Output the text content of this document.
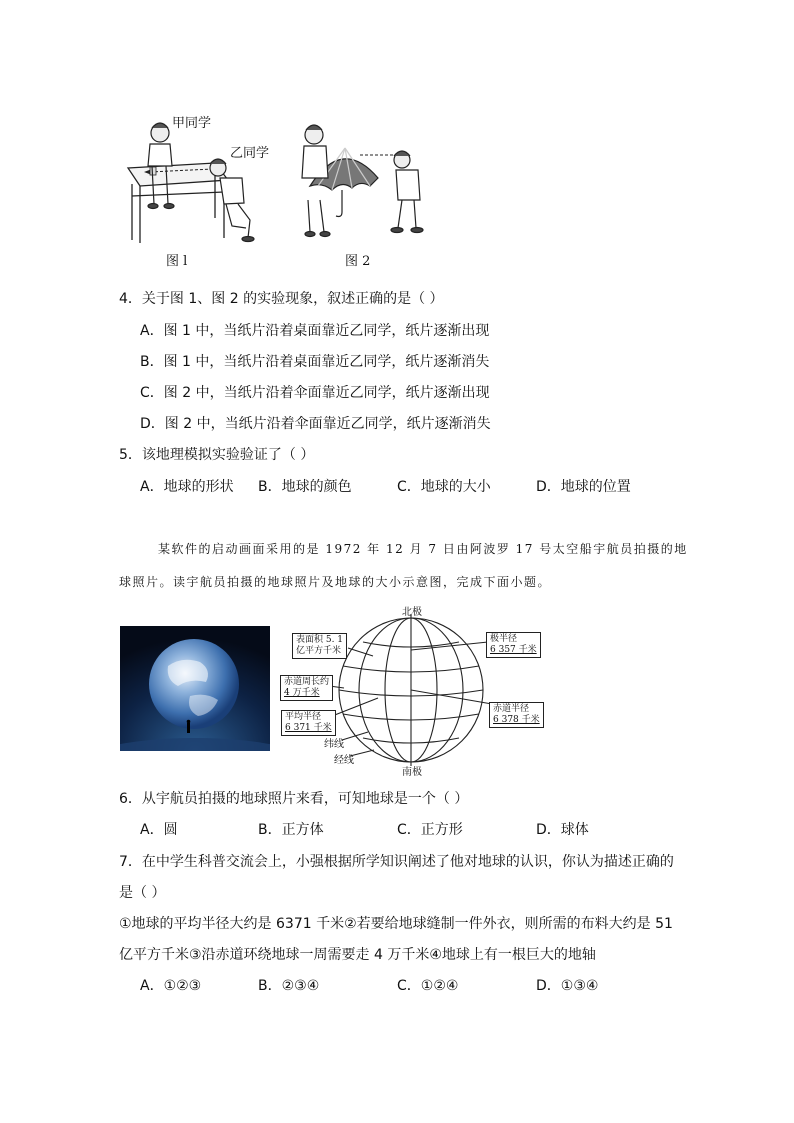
甲同学
乙同学
图 l	图 2
4．关于图 1、图 2 的实验现象，叙述正确的是（ ）
A．图 1 中，当纸片沿着桌面靠近乙同学，纸片逐渐出现
B．图 1 中，当纸片沿着桌面靠近乙同学，纸片逐渐消失
C．图 2 中，当纸片沿着伞面靠近乙同学，纸片逐渐出现
D．图 2 中，当纸片沿着伞面靠近乙同学，纸片逐渐消失
5．该地理模拟实验验证了（ ）
A．地球的形状 B．地球的颜色	C．地球的大小	D．地球的位置
某软件的启动画面采用的是 1972 年 12 月 7 日由阿波罗 17 号太空船宇航员拍摄的地
球照片。读宇航员拍摄的地球照片及地球的大小示意图，完成下面小题。
北极
南极
纬线
经线
表面积 5. 1
亿平方千米
赤道周长约
4 万千米
平均半径
6 371 千米
极半径
6 357 千米
赤道半径
6 378 千米
6．从宇航员拍摄的地球照片来看，可知地球是一个（ ）
A．圆	B．正方体	C．正方形	D．球体
7．在中学生科普交流会上，小强根据所学知识阐述了他对地球的认识，你认为描述正确的
是（ ）
①地球的平均半径大约是 6371 千米②若要给地球缝制一件外衣，则所需的布料大约是 51
亿平方千米③沿赤道环绕地球一周需要走 4 万千米④地球上有一根巨大的地轴
A．①②③	B．②③④	C．①②④	D．①③④
